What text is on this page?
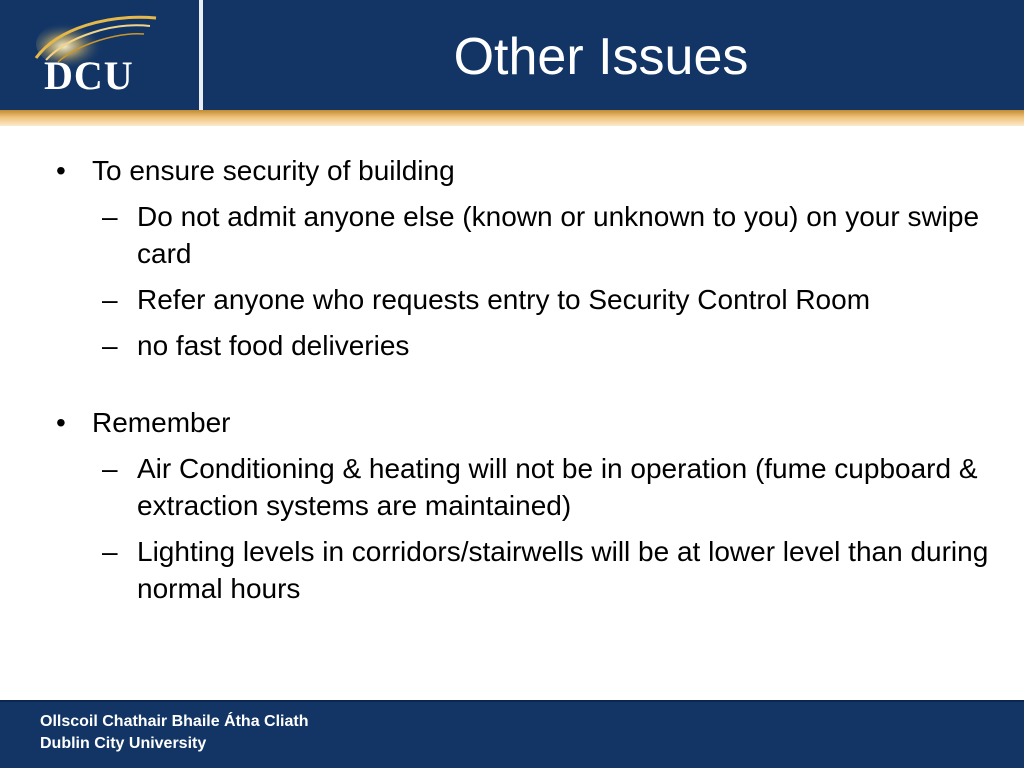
DCU	Other Issues
• To ensure security of building
– Do not admit anyone else (known or unknown to you) on your swipe card
– Refer anyone who requests entry to Security Control Room
– no fast food deliveries
• Remember
– Air Conditioning & heating will not be in operation (fume cupboard & extraction systems are maintained)
– Lighting levels in corridors/stairwells will be at lower level than during normal hours
Ollscoil Chathair Bhaile Átha Cliath
Dublin City University
